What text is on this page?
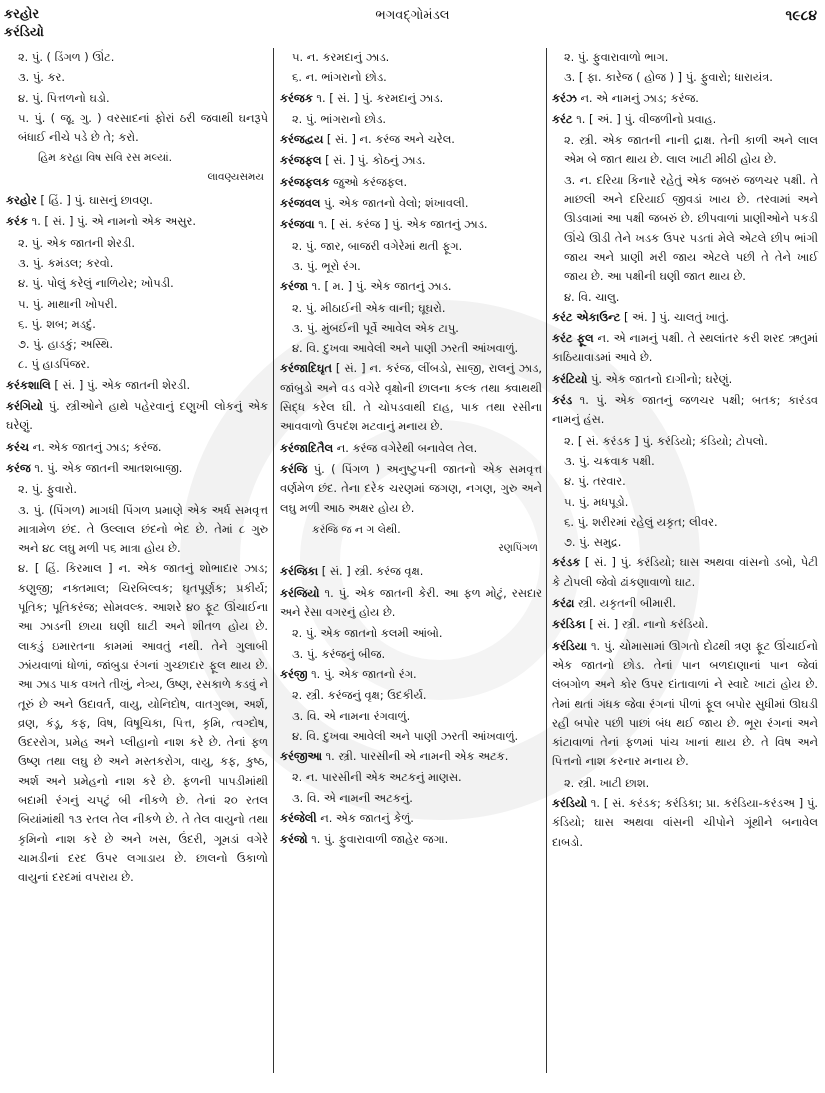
કરહોર
કરંડિયો
ભગવદ્ગોમંડલ	૧૯૮૪
૨. પું. ( ડિંગળ ) ઊંટ.
૩. પું. કર.
૪. પું. પિત્તળનો ઘડો.
૫. પું. ( જૂ. ગુ. ) વરસાદનાં ફોરાં ઠરી જવાથી ઘનરૂપે બંધાઈ નીચે પડે છે તે; કરો.
હિમ કરહા વિષ સવિ રસ મલ્યાં.
લાવણ્યસમય
કરહોર [ હિં. ] પું. ઘાસનું છાવણ.
કરંક ૧. [ સં. ] પું. એ નામનો એક અસુર.
૨. પું. એક જાતની શેરડી.
૩. પું. કમંડલ; કરવો.
૪. પું. પોલું કરેલું નાળિયેર; ખોપડી.
૫. પું. માથાની ખોપરી.
૬. પું. શબ; મડદું.
૭. પું. હાડકું; અસ્થિ.
૮. પું હાડપિંજર.
કરંકશાલિ [ સં. ] પું. એક જાતની શેરડી.
કરંગિયો પું. સ્ત્રીઓને હાથે પહેરવાનું દણુખી લોકનું એક ઘરેણું.
કરંચ ન. એક જાતનું ઝાડ; કરંજ.
કરંજ ૧. પું. એક જાતની આતશબાજી.
૨. પું. ફુવારો.
૩. પું. (પિંગળ) માગધી પિંગળ પ્રમાણે એક અર્ધ સમવૃત્ત માત્રામેળ છંદ. તે ઉલ્લાલ છંદનો ભેદ છે. તેમાં ૮ ગુરુ અને ૪૮ લઘુ મળી ૫૬ માત્રા હોય છે.
૪. [ હિં. કિરમાલ ] ન. એક જાતનું શોભાદાર ઝાડ; કણુજી; નક્તમાલ; ચિરબિલ્વક; ઘૃતપૂર્ણક; પ્રકીર્ય; પૂતિક; પૂતિકરંજ; સોમવલ્ક. આશરે ૪૦ ફૂટ ઊંચાઈના આ ઝાડની છાયા ઘણી ઘાટી અને શીતળ હોય છે. લાકડું ઇમારતના કામમાં આવતું નથી. તેને ગુલાબી ઝાંયવાળાં ધોળાં, જાંબુડા રંગનાં ગુચ્છાદાર ફૂલ થાય છે. આ ઝાડ પાક વખતે તીખું, નેત્ર્ય, ઉષ્ણ, રસકાળે કડવું ને તૂરું છે અને ઉદાવર્ત, વાયુ, યોનિદોષ, વાતગુલ્મ, અર્શ, વ્રણ, કંડૂ, કફ, વિષ, વિષૂચિકા, પિત્ત, કૃમિ, ત્વગ્દોષ, ઉદરરોગ, પ્રમેહ અને પ્લીહાનો નાશ કરે છે. તેનાં ફળ ઉષ્ણ તથા લઘુ છે અને મસ્તકરોગ, વાયુ, કફ, કુષ્ઠ, અર્શ અને પ્રમેહનો નાશ કરે છે. ફળની પાપડીમાંથી બદામી રંગનું ચપટું બી નીકળે છે. તેનાં ૨૦ રતલ બિયાંમાંથી ૧૩ રતલ તેલ નીકળે છે. તે તેલ વાયુનો તથા કૃમિનો નાશ કરે છે અને ખસ, ઉંદરી, ગૂમડાં વગેરે ચામડીનાં દરદ ઉપર લગાડાય છે. છાલનો ઉકાળો વાયુનાં દરદમાં વપરાય છે.
૫. ન. કરમદાનું ઝાડ.
૬. ન. ભાંગરાનો છોડ.
કરંજક ૧. [ સં. ] પું. કરમદાનું ઝાડ.
૨. પું. ભાંગરાનો છોડ.
કરંજદ્વય [ સં. ] ન. કરંજ અને ચરેલ.
કરંજફલ [ સં. ] પું. કોઠનું ઝાડ.
કરંજફલક જુઓ કરંજફલ.
કરંજવલ પું. એક જાતનો વેલો; શંખાવલી.
કરંજવા ૧. [ સં. કરંજ ] પું. એક જાતનું ઝાડ.
૨. પું. જાર, બાજરી વગેરેમાં થતી ફૂગ.
૩. પું. ભૂરો રંગ.
કરંજા ૧. [ મ. ] પું. એક જાતનું ઝાડ.
૨. પું. મીઠાઈની એક વાની; ઘૂઘરો.
૩. પું. મુંબઈની પૂર્વે આવેલ એક ટાપુ.
૪. વિ. દુખવા આવેલી અને પાણી ઝરતી આંખવાળું.
કરંજાદિઘૃત [ સં. ] ન. કરંજ, લીંબડો, સાજી, રાલનું ઝાડ, જાંબુડો અને વડ વગેરે વૃક્ષોની છાલના કલ્ક તથા ક્વાથથી સિદ્ધ કરેલ ઘી. તે ચોપડવાથી દાહ, પાક તથા રસીના આવવાળો ઉપદંશ મટવાનું મનાય છે.
કરંજાદિતૈલ ન. કરંજ વગેરેથી બનાવેલ તેલ.
કરંજિ પું. ( પિંગળ ) અનુષ્ટુપની જાતનો એક સમવૃત્ત વર્ણમેળ છંદ. તેના દરેક ચરણમાં જગણ, નગણ, ગુરુ અને લઘુ મળી આઠ અક્ષર હોય છે.
કરંજિ જ ન ગ લેથી.
રણપિંગળ
કરંજિકા [ સં. ] સ્ત્રી. કરંજ વૃક્ષ.
કરંજિયો ૧. પું. એક જાતની કેરી. આ ફળ મોટું, રસદાર અને રેસા વગરનું હોય છે.
૨. પું. એક જાતનો કલમી આંબો.
૩. પું. કરંજનું બીજ.
કરંજી ૧. પું. એક જાતનો રંગ.
૨. સ્ત્રી. કરંજનું વૃક્ષ; ઉદકીર્ય.
૩. વિ. એ નામના રંગવાળું.
૪. વિ. દુખવા આવેલી અને પાણી ઝરતી આંખવાળું.
કરંજીઆ ૧. સ્ત્રી. પારસીની એ નામની એક અટક.
૨. ન. પારસીની એક અટકનું માણસ.
૩. વિ. એ નામની અટકનું.
કરંજેલી ન. એક જાતનું કેળું.
કરંજો ૧. પું. ફુવારાવાળી જાહેર જગા.
૨. પું. ફુવારાવાળો ભાગ.
૩. [ ફા. કારેજ ( હોજ ) ] પું. ફુવારો; ધારાયંત્ર.
કરંઝ ન. એ નામનું ઝાડ; કરંજ.
કરંટ ૧. [ અં. ] પું. વીજળીનો પ્રવાહ.
૨. સ્ત્રી. એક જાતની નાની દ્રાક્ષ. તેની કાળી અને લાલ એમ બે જાત થાય છે. લાલ ખાટી મીઠી હોય છે.
૩. ન. દરિયા કિનારે રહેતું એક જબરું જળચર પક્ષી. તે માછલી અને દરિયાઈ જીવડાં ખાય છે. તરવામાં અને ઊડવામાં આ પક્ષી જબરું છે. છીપવાળાં પ્રાણીઓને પકડી ઊંચે ઊડી તેને ખડક ઉપર પડતાં મેલે એટલે છીપ ભાંગી જાય અને પ્રાણી મરી જાય એટલે પછી તે તેને ખાઈ જાય છે. આ પક્ષીની ઘણી જાત થાય છે.
૪. વિ. ચાલુ.
કરંટ એકાઉન્ટ [ અં. ] પું. ચાલતું ખાતું.
કરંટ ફૂલ ન. એ નામનું પક્ષી. તે સ્થલાંતર કરી શરદ ઋતુમાં કાઠિયાવાડમાં આવે છે.
કરંટિયો પું. એક જાતનો દાગીનો; ઘરેણું.
કરંડ ૧. પું. એક જાતનું જળચર પક્ષી; બતક; કારંડવ નામનું હંસ.
૨. [ સં. કરંડક ] પું. કરંડિયો; કંડિયો; ટોપલો.
૩. પું. ચક્રવાક પક્ષી.
૪. પું. તરવાર.
૫. પું. મધપૂડો.
૬. પું. શરીરમાં રહેલું યકૃત; લીવર.
૭. પું. સમુદ્ર.
કરંડક [ સં. ] પું. કરંડિયો; ઘાસ અથવા વાંસનો ડબો, પેટી કે ટોપલી જેવો ઢાંકણાવાળો ઘાટ.
કરંઢા સ્ત્રી. યકૃતની બીમારી.
કરંડિકા [ સં. ] સ્ત્રી. નાનો કરંડિયો.
કરંડિયા ૧. પું. ચોમાસામાં ઊગતો દોઢથી ત્રણ ફૂટ ઊંચાઈનો એક જાતનો છોડ. તેનાં પાન બળદાણાનાં પાન જેવાં લંબગોળ અને કોર ઉપર દાંતાવાળાં ને સ્વાદે ખાટાં હોય છે. તેમાં થતાં ગંધક જેવા રંગનાં પીળાં ફૂલ બપોર સુધીમાં ઊઘડી રહી બપોર પછી પાછાં બંધ થઈ જાય છે. ભૂરા રંગનાં અને કાંટાવાળાં તેનાં ફળમાં પાંચ ખાનાં થાય છે. તે વિષ અને પિત્તનો નાશ કરનાર મનાય છે.
૨. સ્ત્રી. ખાટી છાશ.
કરંડિયો ૧. [ સં. કરંડક; કરંડિકા; પ્રા. કરંડિયા-કરંડઅ ] પું. કંડિયો; ઘાસ અથવા વાંસની ચીપોને ગૂંથીને બનાવેલ દાબડો.
